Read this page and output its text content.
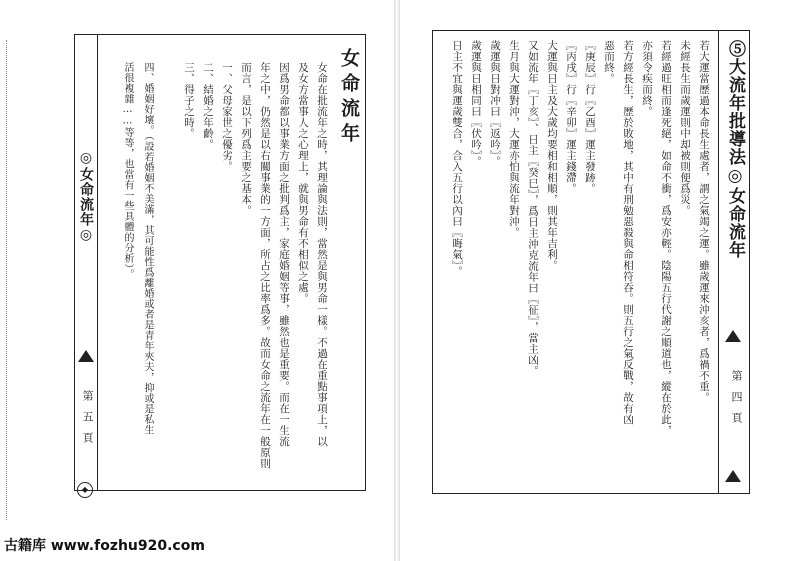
◎女命流年◎
第五頁
◆
女命流年
女命在批流年之時，其理論與法則，當然是與男命一樣。不過在重點事項上，以
及女方當事人之心理上，就與男命有不相似之處。
因爲男命都以事業方面之批判爲主，家庭婚姻等事，雖然也是重要。而在一生流
年之中，仍然是以右關事業的一方面，所占之比率爲多。故而女命之流年在一般原則
而言，是以下列爲主要之基本。
一、父母家世之優劣。
二、結婚之年齡。
三、得子之時。
四、婚姻好壞。（設若婚姻不美滿，其可能性爲離婚或者是青年夾夫，抑或是私生
活很複雜……等等，也當有一些具體的分析）。	⑤大流年批導法◎女命流年
第四頁
若大運當歷過本命長生處者，謂之氣竭之運。雖歲運來沖亥者，爲禍不重。
未經長生而歲運則中却被則便爲災。
若經過旺相而逢死絕，如命不衝，爲安亦輕。陰陽五行代謝之順道也，縱在於此，
亦須令疾而終。
若方經長生，歷於敗地，其中有刑勉惡殺與命相符吞。則五行之氣反戰，故有凶
惡而終。
〖庚辰〗行〖乙酉〗運主發跡。
〖丙戌〗行〖辛卯〗運主錢滯。
大運與日主及大歲均要相和相順，則其年吉利。
又如流年〖丁亥〗、日主〖癸巳〗，爲日主沖克流年曰〖征〗，當主凶。
生月與大運對沖，大運亦怕與流年對沖。
歲運與日對冲曰〖返吟〗。
歲運與日相同曰〖伏吟〗。
日主不宜與運歲雙合，合入五行以內曰〖晦氣〗。
古籍库 www.fozhu920.com
